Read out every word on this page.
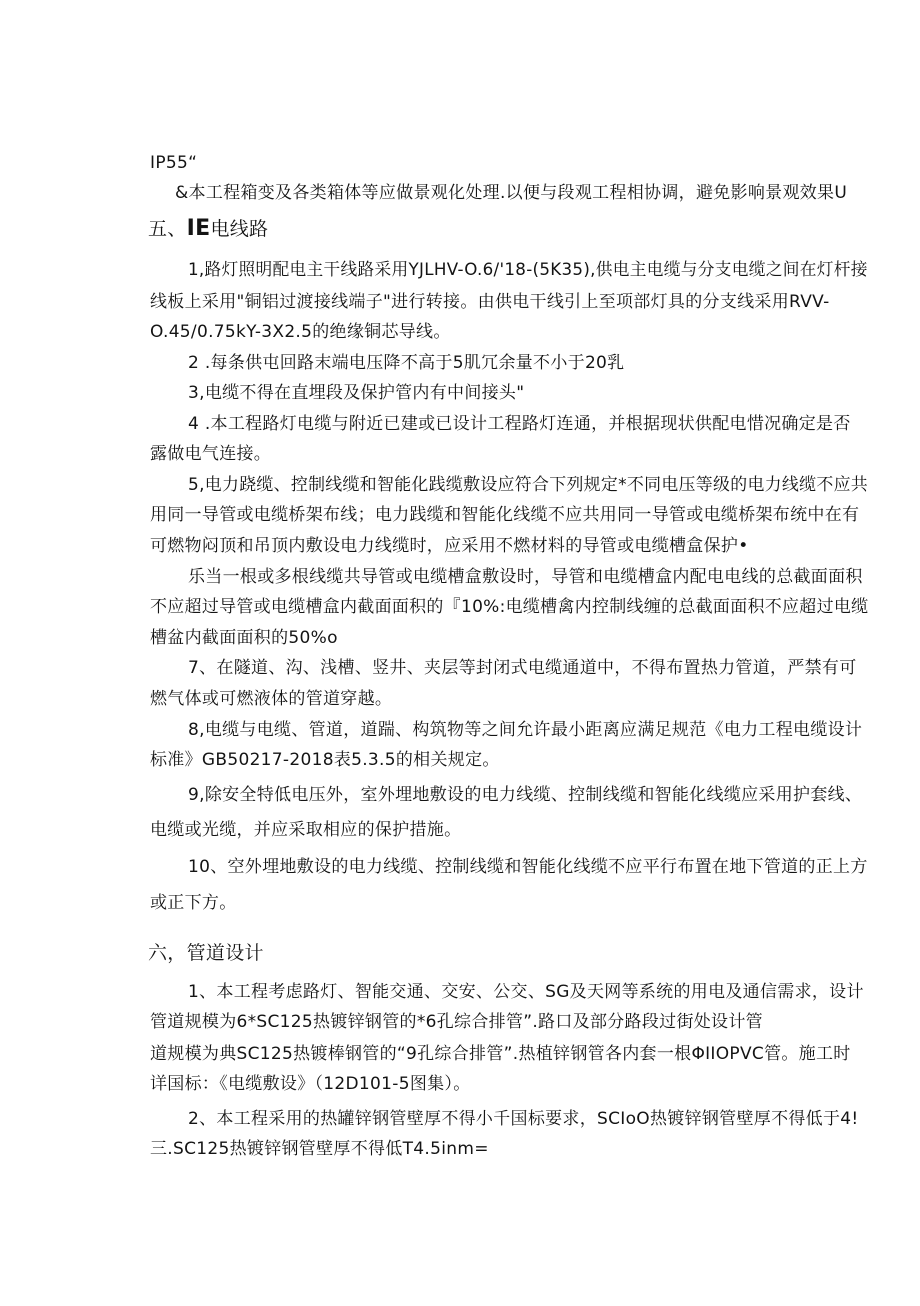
IP55“
&本工程箱变及各类箱体等应做景观化处理.以便与段观工程相协调，避免影响景观效果U
五、IE电线路
1,路灯照明配电主干线路采用YJLHV-O.6/'18-(5K35),供电主电缆与分支电缆之间在灯杆接
线板上采用"铜铝过渡接线端子"进行转接。由供电干线引上至项部灯具的分支线采用RVV-
O.45/0.75kY-3X2.5的绝缘铜芯导线。
2 .每条供屯回路末端电压降不高于5肌冗余量不小于20乳
3,电缆不得在直埋段及保护管内有中间接头"
4 .本工程路灯电缆与附近已建或已设计工程路灯连通，并根据现状供配电惜况确定是否
露做电气连接。
5,电力跷缆、控制线缆和智能化践缆敷设应符合下列规定*不同电压等级的电力线缆不应共
用同一导管或电缆桥架布线；电力践缆和智能化线缆不应共用同一导管或电缆桥架布统中在有
可燃物闷顶和吊顶内敷设电力线缆时，应采用不燃材料的导管或电缆槽盒保护•
乐当一根或多根线缆共导管或电缆槽盒敷设时，导管和电缆槽盒内配电电线的总截面面积
不应超过导管或电缆槽盒内截面面积的『10%:电缆槽禽内控制线缠的总截面面积不应超过电缆
槽盆内截面面积的50%o
7、在隧道、沟、浅槽、竖井、夹层等封闭式电缆通道中，不得布置热力管道，严禁有可
燃气体或可燃液体的管道穿越。
8,电缆与电缆、管道，道踹、构筑物等之间允许最小距离应满足规范《电力工程电缆设计
标准》GB50217-2018表5.3.5的相关规定。
9,除安全特低电压外，室外埋地敷设的电力线缆、控制线缆和智能化线缆应采用护套线、
电缆或光缆，并应采取相应的保护措施。
10、空外埋地敷设的电力线缆、控制线缆和智能化线缆不应平行布置在地下管道的正上方
或正下方。
六，管道设计
1、本工程考虑路灯、智能交通、交安、公交、SG及天网等系统的用电及通信需求，设计
管道规模为6*SC125热镀锌钢管的*6孔综合排管”.路口及部分路段过街处设计管
道规模为典SC125热镀棒钢管的“9孔综合排管”.热植锌钢管各内套一根ΦIIOPVC管。施工时
详国标：《电缆敷设》（12D101-5图集）。
2、本工程采用的热罐锌钢管壁厚不得小千国标要求，SCIoO热镀锌钢管壁厚不得低于4!
三.SC125热镀锌钢管壁厚不得低T4.5inm=
